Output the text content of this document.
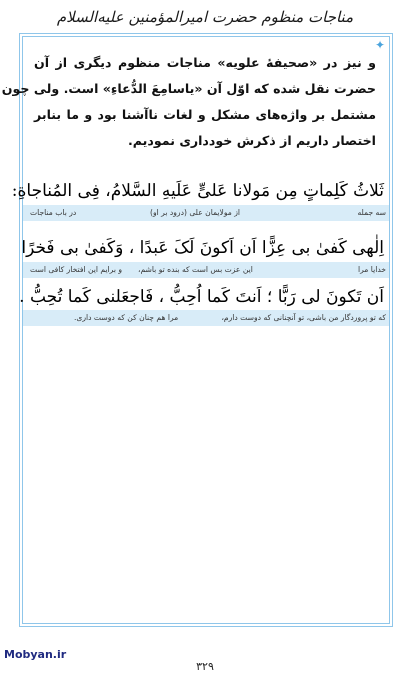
مناجات منظوم حضرت امیرالمؤمنین علیه‌السلام
✦
و نیز در «صحیفهٔ علویه» مناجات منظوم دیگری از آن
حضرت نقل شده که اوّل آن «یاسامِعَ الدُّعاءِ» است. ولی چون
مشتمل بر واژه‌های مشکل و لغات ناآشنا بود و ما بنابر
اختصار داریم از ذکرش خودداری نمودیم.
ثَلاثُ کَلِماتٍ مِن مَولانا عَلیٍّ عَلَیهِ السَّلامُ، فِی المُناجاةِ:
سه جمله
از مولایمان علی (درود بر او)
در باب مناجات
اِلٰهی کَفیٰ بی عِزًّا اَن اَکونَ لَکَ عَبدًا ، وَکَفیٰ بی فَخرًا
خدایا مرا
این عزت بس است که بنده تو باشم،
و برایم این افتخار کافی است
اَن تَکونَ لی رَبًّا ؛ اَنتَ کَما اُحِبُّ ، فَاجعَلنی کَما تُحِبُّ .
که تو پروردگار من باشی، تو آنچنانی که دوست دارم،
مرا هم چنان کن که دوست داری.
Mobyan.ir
۳۲۹
